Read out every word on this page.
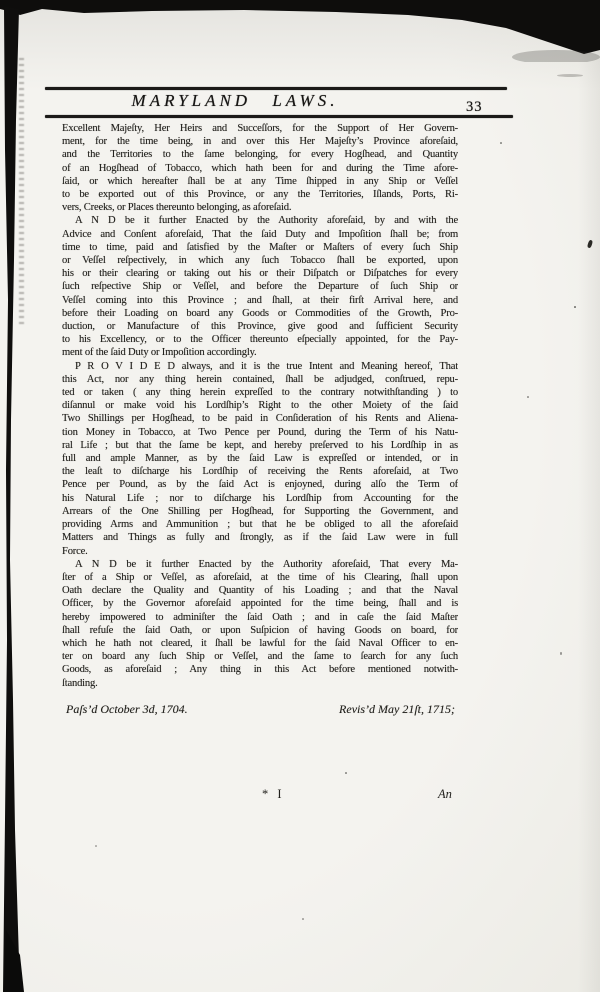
MARYLAND LAWS.	33
Excellent Majeſty, Her Heirs and Succeſſors, for the Support of Her Govern-
ment, for the time being, in and over this Her Majeſty’s Province aforeſaid,
and the Territories to the ſame belonging, for every Hogſhead, and Quantity
of an Hogſhead of Tobacco, which hath been for and during the Time afore-
ſaid, or which hereafter ſhall be at any Time ſhipped in any Ship or Veſſel
to be exported out of this Province, or any the Territories, Iſlands, Ports, Ri-
vers, Creeks, or Places thereunto belonging, as aforeſaid.
A N D be it further Enacted by the Authority aforeſaid, by and with the
Advice and Conſent aforeſaid, That the ſaid Duty and Impoſition ſhall be; from
time to time, paid and ſatisfied by the Maſter or Maſters of every ſuch Ship
or Veſſel reſpectively, in which any ſuch Tobacco ſhall be exported, upon
his or their clearing or taking out his or their Diſpatch or Diſpatches for every
ſuch reſpective Ship or Veſſel, and before the Departure of ſuch Ship or
Veſſel coming into this Province ; and ſhall, at their firſt Arrival here, and
before their Loading on board any Goods or Commodities of the Growth, Pro-
duction, or Manufacture of this Province, give good and ſufficient Security
to his Excellency, or to the Officer thereunto eſpecially appointed, for the Pay-
ment of the ſaid Duty or Impoſition accordingly.
P R O V I D E D always, and it is the true Intent and Meaning hereof, That
this Act, nor any thing herein contained, ſhall be adjudged, conſtrued, repu-
ted or taken ( any thing herein expreſſed to the contrary notwithſtanding ) to
diſannul or make void his Lordſhip’s Right to the other Moiety of the ſaid
Two Shillings per Hogſhead, to be paid in Conſideration of his Rents and Aliena-
tion Money in Tobacco, at Two Pence per Pound, during the Term of his Natu-
ral Life ; but that the ſame be kept, and hereby preſerved to his Lordſhip in as
full and ample Manner, as by the ſaid Law is expreſſed or intended, or in
the leaſt to diſcharge his Lordſhip of receiving the Rents aforeſaid, at Two
Pence per Pound, as by the ſaid Act is enjoyned, during alſo the Term of
his Natural Life ; nor to diſcharge his Lordſhip from Accounting for the
Arrears of the One Shilling per Hogſhead, for Supporting the Government, and
providing Arms and Ammunition ; but that he be obliged to all the aforeſaid
Matters and Things as fully and ſtrongly, as if the ſaid Law were in full
Force.
A N D be it further Enacted by the Authority aforeſaid, That every Ma-
ſter of a Ship or Veſſel, as aforeſaid, at the time of his Clearing, ſhall upon
Oath declare the Quality and Quantity of his Loading ; and that the Naval
Officer, by the Governor aforeſaid appointed for the time being, ſhall and is
hereby impowered to adminiſter the ſaid Oath ; and in caſe the ſaid Maſter
ſhall refuſe the ſaid Oath, or upon Suſpicion of having Goods on board, for
which he hath not cleared, it ſhall be lawful for the ſaid Naval Officer to en-
ter on board any ſuch Ship or Veſſel, and the ſame to ſearch for any ſuch
Goods, as aforeſaid ; Any thing in this Act before mentioned notwith-
ſtanding.
Paſs’d October 3d, 1704.	Revis’d May 21ſt, 1715;
* I	An
